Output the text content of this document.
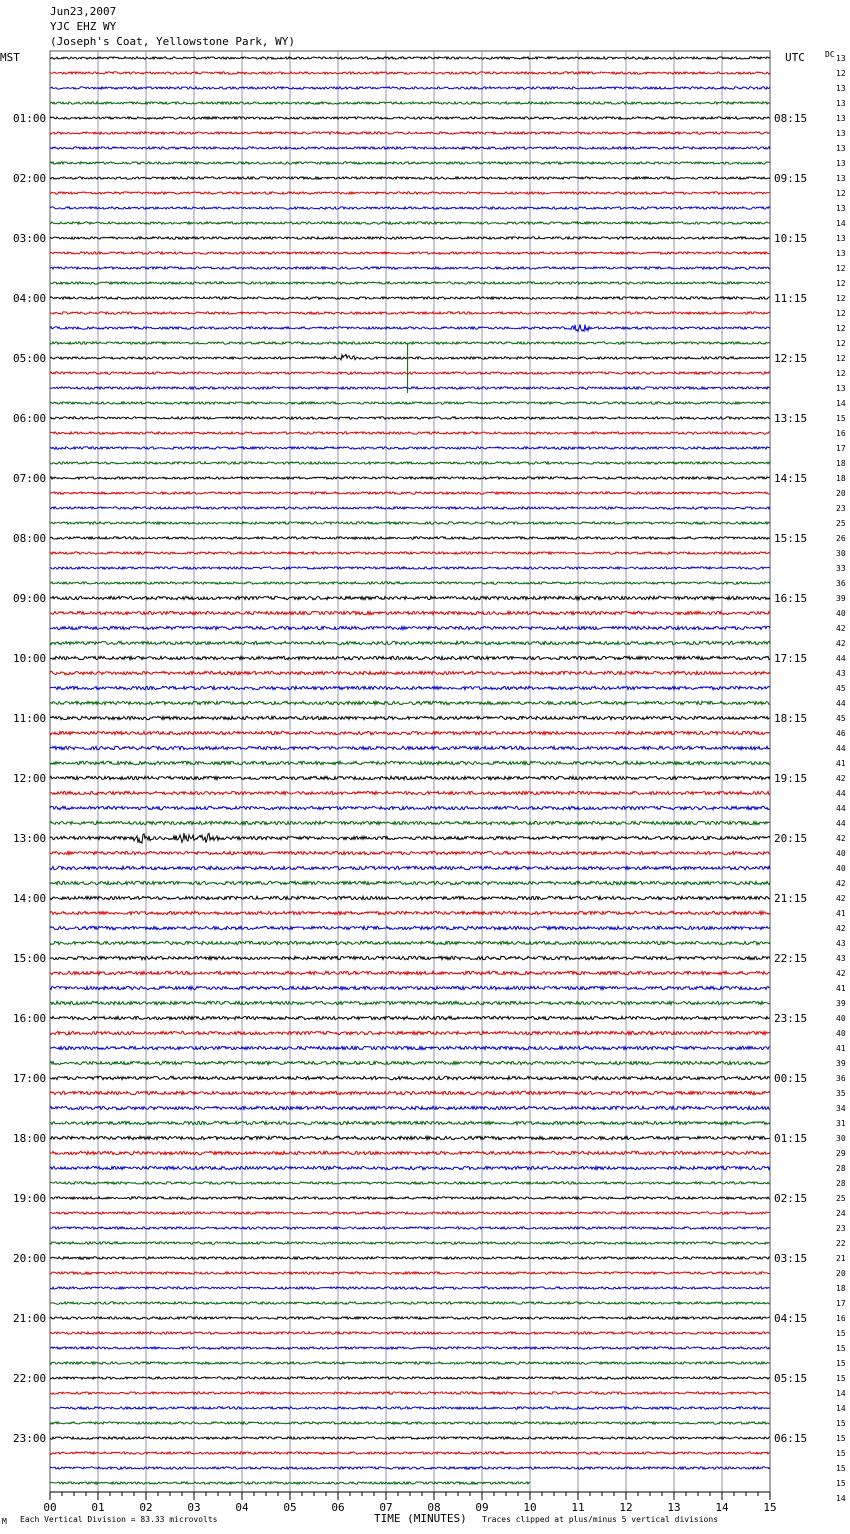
Jun23,2007
YJC EHZ WY
(Joseph's Coat, Yellowstone Park, WY)
MST	UTC	DC
01:00
02:00
03:00
04:00
05:00
06:00
07:00
08:00
09:00
10:00
11:00
12:00
13:00
14:00
15:00
16:00
17:00
18:00
19:00
20:00
21:00
22:00
23:00
08:15
09:15
10:15
11:15
12:15
13:15
14:15
15:15
16:15
17:15
18:15
19:15
20:15
21:15
22:15
23:15
00:15
01:15
02:15
03:15
04:15
05:15
06:15
13
12
13
13
13
13
13
13
13
12
13
14
13
13
12
12
12
12
12
12
12
12
13
14
15
16
17
18
18
20
23
25
26
30
33
36
39
40
42
42
44
43
45
44
45
46
44
41
42
44
44
44
42
40
40
42
42
41
42
43
43
42
41
39
40
40
41
39
36
35
34
31
30
29
28
28
25
24
23
22
21
20
18
17
16
15
15
15
15
14
14
15
15
15
15
15
14
00	01	02	03	04	05	06	07	08	09	10	11	12	13	14	15
M Each Vertical Division = 83.33 microvolts	TIME (MINUTES) Traces clipped at plus/minus 5 vertical divisions
